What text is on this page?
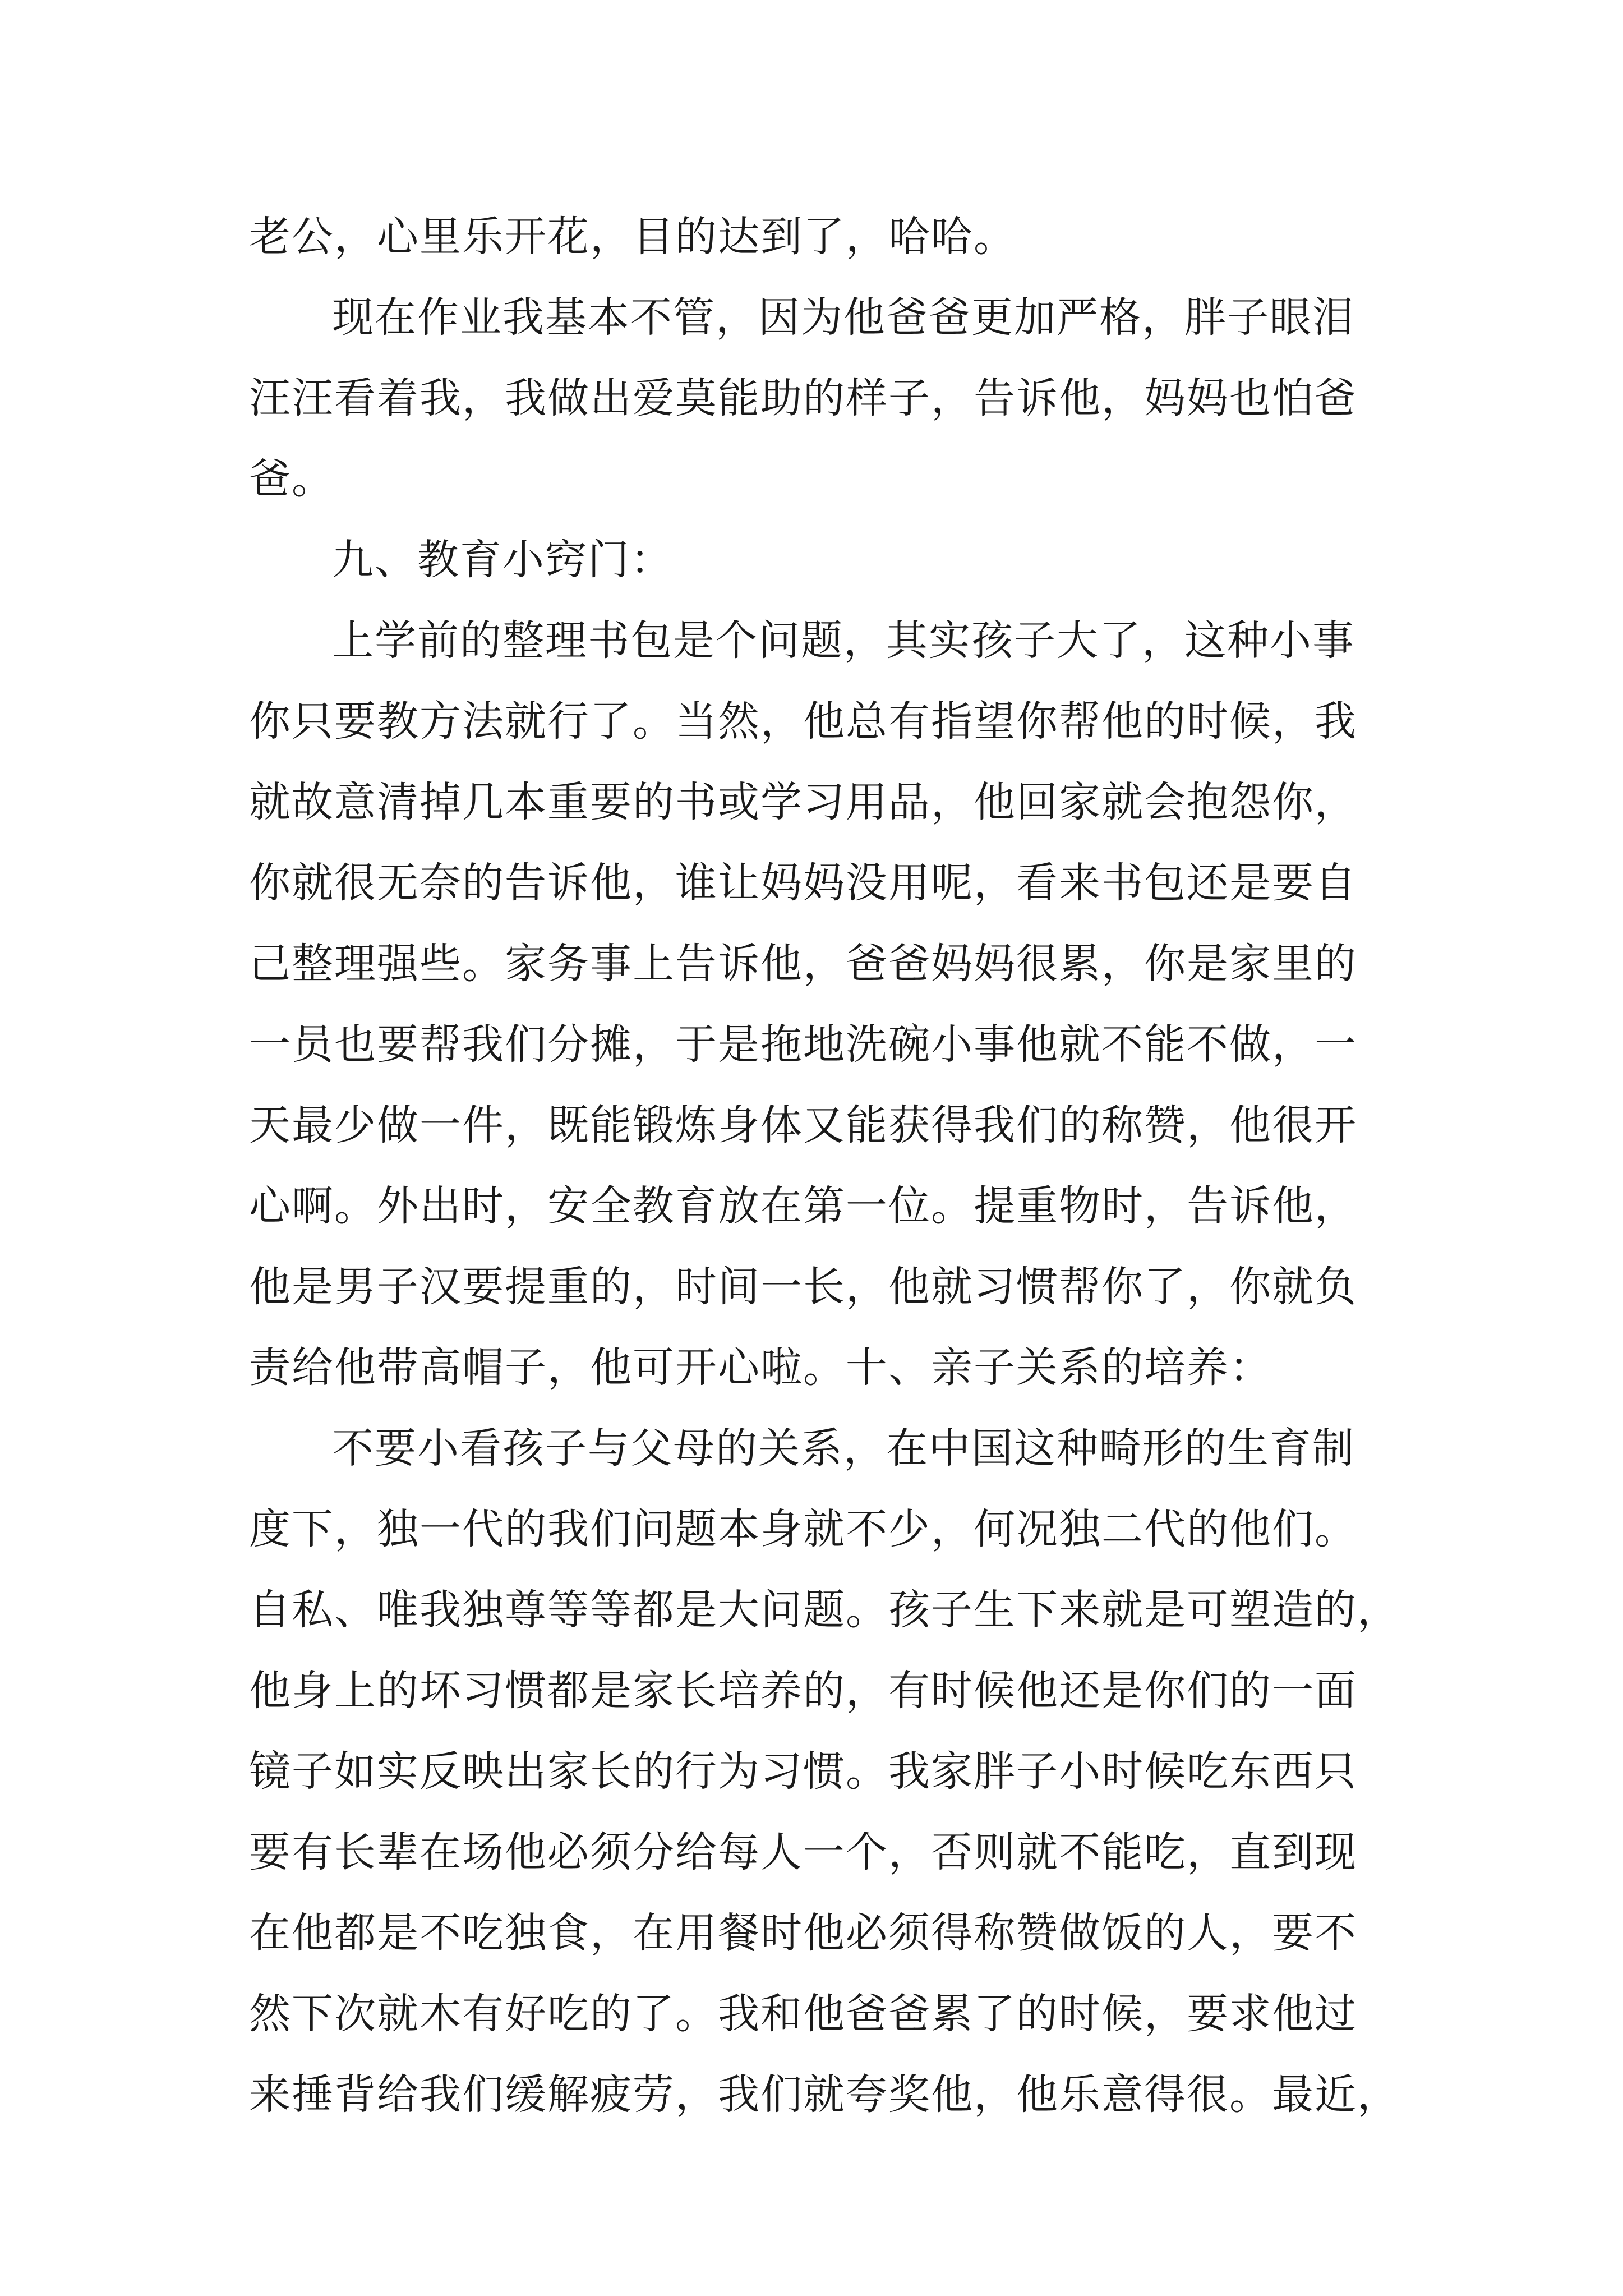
老公，心里乐开花，目的达到了，哈哈。
现在作业我基本不管，因为他爸爸更加严格，胖子眼泪
汪汪看着我，我做出爱莫能助的样子，告诉他，妈妈也怕爸
爸。
九、教育小窍门：
上学前的整理书包是个问题，其实孩子大了，这种小事
你只要教方法就行了。当然，他总有指望你帮他的时候，我
就故意清掉几本重要的书或学习用品，他回家就会抱怨你，
你就很无奈的告诉他，谁让妈妈没用呢，看来书包还是要自
己整理强些。家务事上告诉他，爸爸妈妈很累，你是家里的
一员也要帮我们分摊，于是拖地洗碗小事他就不能不做，一
天最少做一件，既能锻炼身体又能获得我们的称赞，他很开
心啊。外出时，安全教育放在第一位。提重物时，告诉他，
他是男子汉要提重的，时间一长，他就习惯帮你了，你就负
责给他带高帽子，他可开心啦。十、亲子关系的培养：
不要小看孩子与父母的关系，在中国这种畸形的生育制
度下，独一代的我们问题本身就不少，何况独二代的他们。
自私、唯我独尊等等都是大问题。孩子生下来就是可塑造的，
他身上的坏习惯都是家长培养的，有时候他还是你们的一面
镜子如实反映出家长的行为习惯。我家胖子小时候吃东西只
要有长辈在场他必须分给每人一个，否则就不能吃，直到现
在他都是不吃独食，在用餐时他必须得称赞做饭的人，要不
然下次就木有好吃的了。我和他爸爸累了的时候，要求他过
来捶背给我们缓解疲劳，我们就夸奖他，他乐意得很。最近，
